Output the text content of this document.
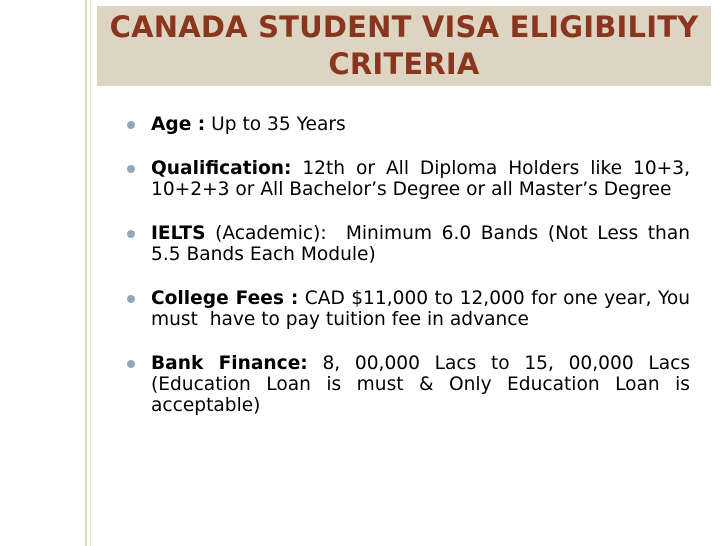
CANADA STUDENT VISA ELIGIBILITY CRITERIA
Age : Up to 35 Years
Qualification: 12th or All Diploma Holders like 10+3, 10+2+3 or All Bachelor’s Degree or all Master’s Degree
IELTS (Academic):  Minimum 6.0 Bands (Not Less than 5.5 Bands Each Module)
College Fees : CAD $11,000 to 12,000 for one year, You must  have to pay tuition fee in advance
Bank Finance: 8, 00,000 Lacs to 15, 00,000 Lacs (Education Loan is must & Only Education Loan is acceptable)
